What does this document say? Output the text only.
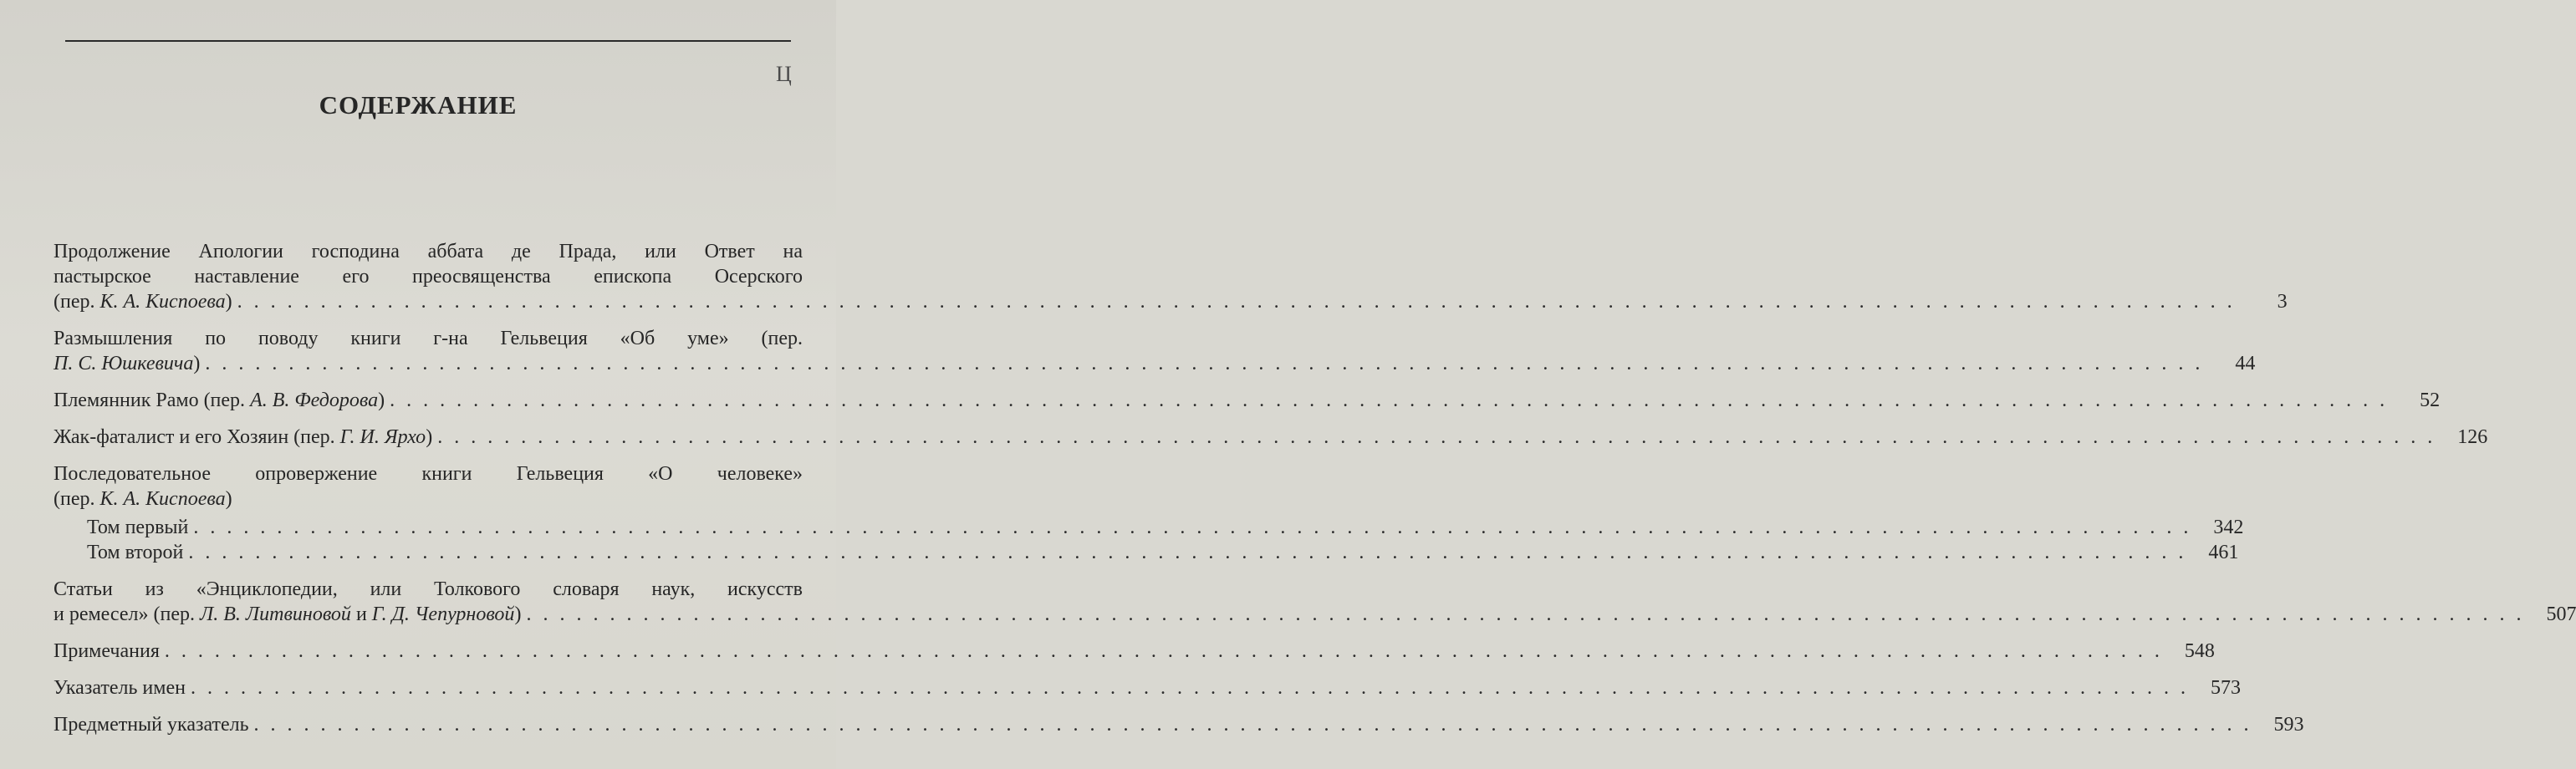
Ц
СОДЕРЖАНИЕ
Продолжение Апологии господина аббата де Прада, или Ответ на
пастырское наставление его преосвященства епископа Осерского
(пер. К. А. Киспоева) ........................................................................................................................	3
Размышления по поводу книги г-на Гельвеция «Об уме» (пер.
П. С. Юшкевича) ........................................................................................................................	44
Племянник Рамо (пер. А. В. Федорова) ........................................................................................................................	52
Жак-фаталист и его Хозяин (пер. Г. И. Ярхо) ........................................................................................................................ 126
Последовательное опровержение книги Гельвеция «О человеке»
(пер. К. А. Киспоева)
Том первый ........................................................................................................................ 342
Том второй ........................................................................................................................ 461
Статьи из «Энциклопедии, или Толкового словаря наук, искусств
и ремесел» (пер. Л. В. Литвиновой и Г. Д. Чепурновой) ........................................................................................................................ 507
Примечания ........................................................................................................................ 548
Указатель имен ........................................................................................................................ 573
Предметный указатель ........................................................................................................................ 593
